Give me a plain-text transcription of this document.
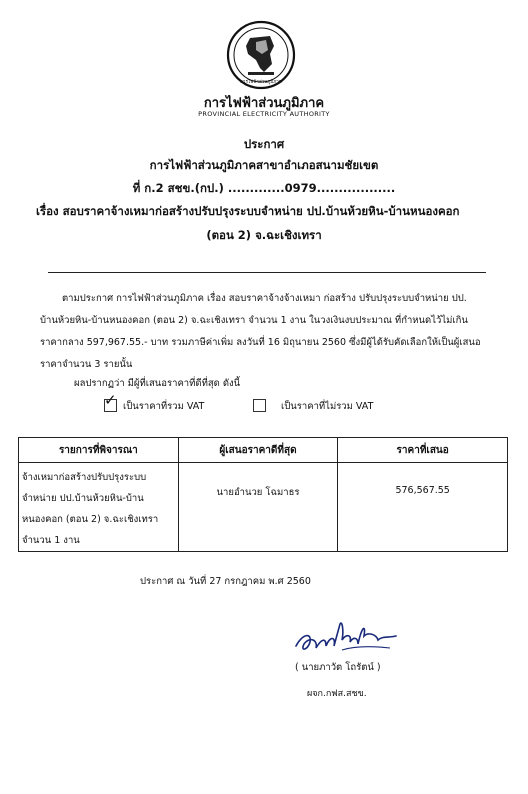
การไฟฟ้าส่วนภูมิภาค
การไฟฟ้าส่วนภูมิภาค
PROVINCIAL ELECTRICITY AUTHORITY
ประกาศ
การไฟฟ้าส่วนภูมิภาคสาขาอำเภอสนามชัยเขต
ที่ ก.2 สชข.(กป.) .............0979..................
เรื่อง สอบราคาจ้างเหมาก่อสร้างปรับปรุงระบบจำหน่าย ปป.บ้านห้วยหิน-บ้านหนองคอก
(ตอน 2) จ.ฉะเชิงเทรา
ตามประกาศ การไฟฟ้าส่วนภูมิภาค เรื่อง สอบราคาจ้างจ้างเหมา ก่อสร้าง ปรับปรุงระบบจำหน่าย ปป.
บ้านห้วยหิน-บ้านหนองคอก (ตอน 2) จ.ฉะเชิงเทรา จำนวน 1 งาน ในวงเงินงบประมาณ ที่กำหนดไว้ไม่เกิน
ราคากลาง 597,967.55.- บาท รวมภาษีค่าเพิ่ม ลงวันที่ 16 มิถุนายน 2560 ซึ่งมีผู้ได้รับคัดเลือกให้เป็นผู้เสนอ
ราคาจำนวน 3 รายนั้น
ผลปรากฏว่า มีผู้ที่เสนอราคาที่ดีที่สุด ดังนี้
✓ เป็นราคาที่รวม VAT	เป็นราคาที่ไม่รวม VAT
รายการที่พิจารณา	ผู้เสนอราคาดีที่สุด	ราคาที่เสนอ

จ้างเหมาก่อสร้างปรับปรุงระบบ
จำหน่าย ปป.บ้านห้วยหิน-บ้าน
หนองคอก (ตอน 2) จ.ฉะเชิงเทรา
จำนวน 1 งาน	นายอำนวย โฉมาธร	576,567.55
ประกาศ ณ วันที่ 27 กรกฎาคม พ.ศ 2560
( นายภาวัต โถรัตน์ )
ผจก.กฟส.สชข.
